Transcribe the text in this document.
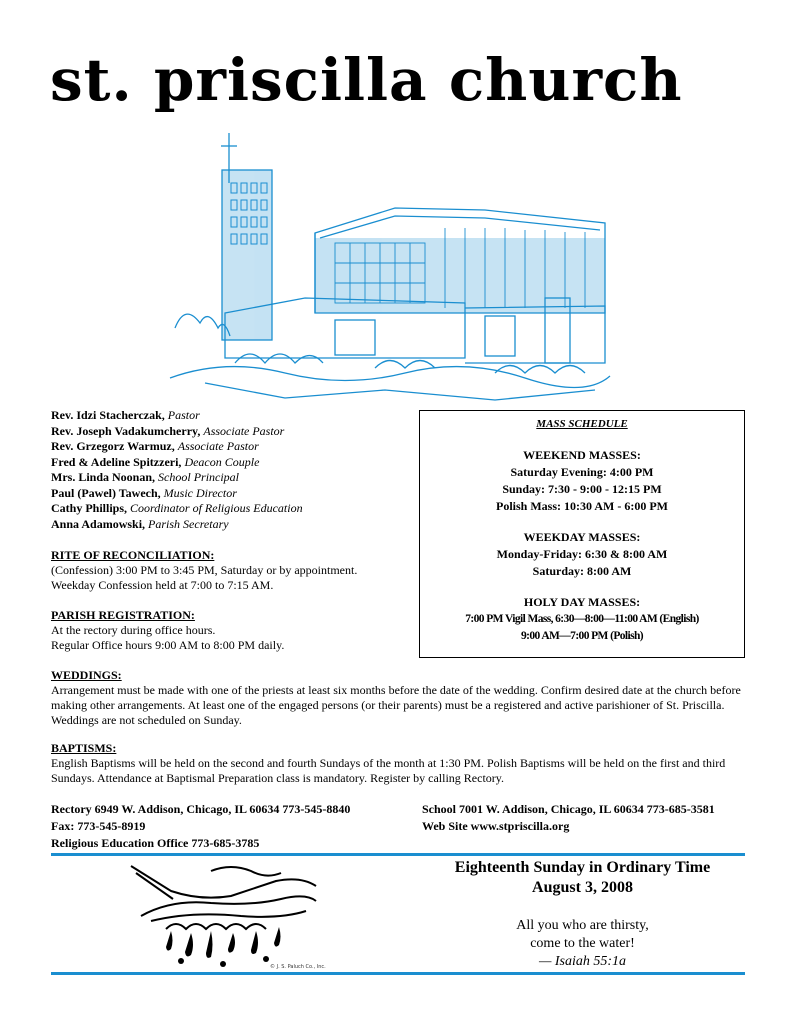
st. priscilla church
Rev. Idzi Stacherczak, Pastor
Rev. Joseph Vadakumcherry, Associate Pastor
Rev. Grzegorz Warmuz, Associate Pastor
Fred & Adeline Spitzzeri, Deacon Couple
Mrs. Linda Noonan, School Principal
Paul (Pawel) Tawech, Music Director
Cathy Phillips, Coordinator of Religious Education
Anna Adamowski, Parish Secretary
RITE OF RECONCILIATION:
(Confession) 3:00 PM to 3:45 PM, Saturday or by appointment.
Weekday Confession held at 7:00 to 7:15 AM.
PARISH REGISTRATION:
At the rectory during office hours.
Regular Office hours 9:00 AM to 8:00 PM daily.
MASS SCHEDULE
WEEKEND MASSES:
Saturday Evening: 4:00 PM
Sunday: 7:30 - 9:00 - 12:15 PM
Polish Mass: 10:30 AM - 6:00 PM
WEEKDAY MASSES:
Monday-Friday: 6:30 & 8:00 AM
Saturday: 8:00 AM
HOLY DAY MASSES:
7:00 PM Vigil Mass, 6:30—8:00—11:00 AM (English)
9:00 AM—7:00 PM (Polish)
WEDDINGS:
Arrangement must be made with one of the priests at least six months before the date of the wedding. Confirm desired date at the church before making other arrangements. At least one of the engaged persons (or their parents) must be a registered and active parishioner of St. Priscilla. Weddings are not scheduled on Sunday.
BAPTISMS:
English Baptisms will be held on the second and fourth Sundays of the month at 1:30 PM. Polish Baptisms will be held on the first and third Sundays. Attendance at Baptismal Preparation class is mandatory. Register by calling Rectory.
Rectory 6949 W. Addison, Chicago, IL 60634 773-545-8840
Fax: 773-545-8919
Religious Education Office 773-685-3785
School 7001 W. Addison, Chicago, IL 60634 773-685-3581
Web Site www.stpriscilla.org
© J. S. Paluch Co., Inc.
Eighteenth Sunday in Ordinary Time
August 3, 2008
All you who are thirsty,
come to the water!
— Isaiah 55:1a
